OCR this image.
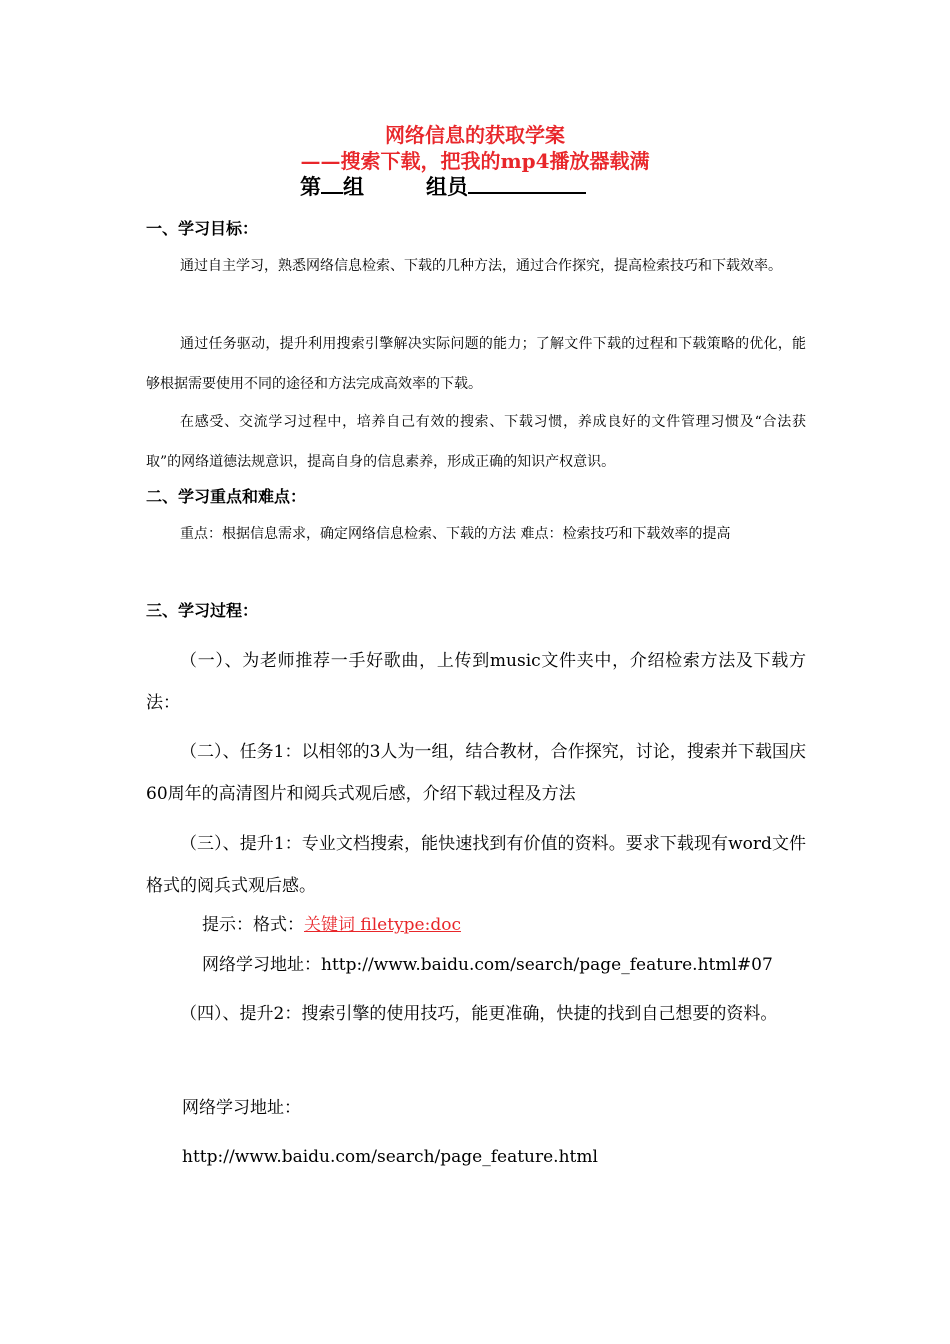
网络信息的获取学案
——搜索下载，把我的mp4播放器载满
第 组	组员
一、学习目标：

通过自主学习，熟悉网络信息检索、下载的几种方法，通过合作探究，提高检索技巧和下载效率。

通过任务驱动，提升利用搜索引擎解决实际问题的能力；了解文件下载的过程和下载策略的优化，能够根据需要使用不同的途径和方法完成高效率的下载。

在感受、交流学习过程中，培养自己有效的搜索、下载习惯，养成良好的文件管理习惯及“合法获取”的网络道德法规意识，提高自身的信息素养，形成正确的知识产权意识。

二、学习重点和难点：

重点：根据信息需求，确定网络信息检索、下载的方法 难点：检索技巧和下载效率的提高

三、学习过程：

（一）、为老师推荐一手好歌曲，上传到music文件夹中，介绍检索方法及下载方法：

（二）、任务1：以相邻的3人为一组，结合教材，合作探究，讨论，搜索并下载国庆60周年的高清图片和阅兵式观后感，介绍下载过程及方法

（三）、提升1：专业文档搜索，能快速找到有价值的资料。要求下载现有word文件格式的阅兵式观后感。

提示：格式：关键词 filetype:doc
网络学习地址：http://www.baidu.com/search/page_feature.html#07

（四）、提升2：搜索引擎的使用技巧，能更准确，快捷的找到自己想要的资料。

网络学习地址：
http://www.baidu.com/search/page_feature.html
